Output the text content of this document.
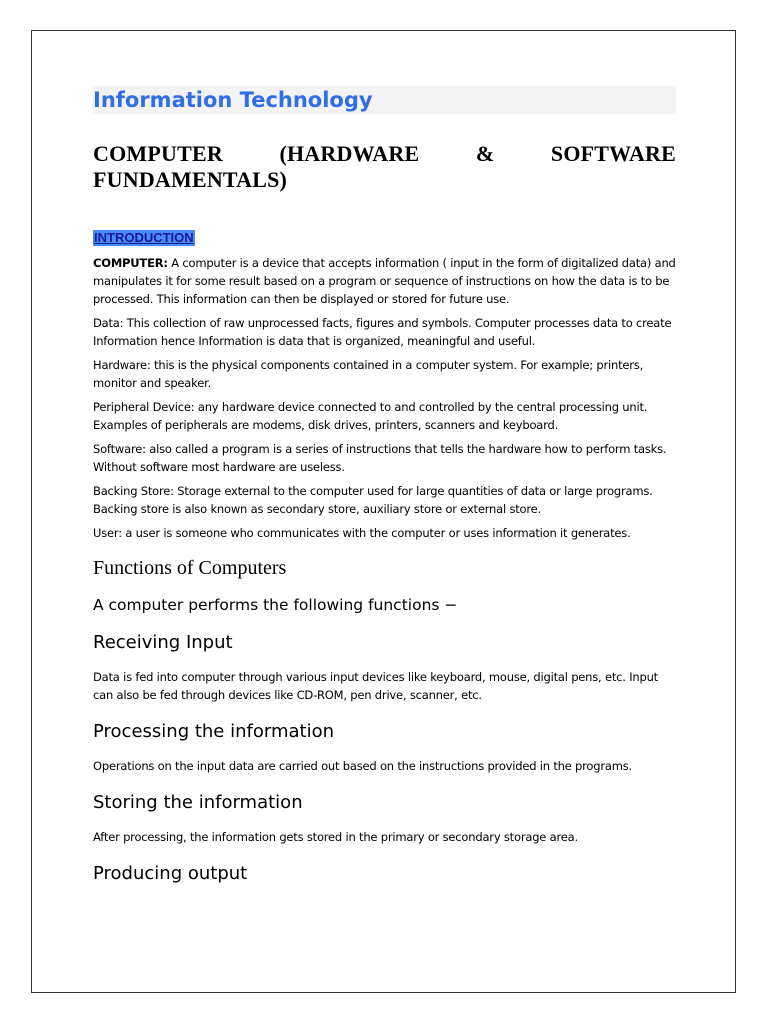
Information Technology
COMPUTER (HARDWARE & SOFTWARE FUNDAMENTALS)
INTRODUCTION

COMPUTER: A computer is a device that accepts information ( input in the form of digitalized data) and manipulates it for some result based on a program or sequence of instructions on how the data is to be processed. This information can then be displayed or stored for future use.

Data: This collection of raw unprocessed facts, figures and symbols. Computer processes data to create Information hence Information is data that is organized, meaningful and useful.

Hardware: this is the physical components contained in a computer system. For example; printers, monitor and speaker.

Peripheral Device: any hardware device connected to and controlled by the central processing unit. Examples of peripherals are modems, disk drives, printers, scanners and keyboard.

Software: also called a program is a series of instructions that tells the hardware how to perform tasks. Without software most hardware are useless.

Backing Store: Storage external to the computer used for large quantities of data or large programs. Backing store is also known as secondary store, auxiliary store or external store.

User: a user is someone who communicates with the computer or uses information it generates.

Functions of Computers

A computer performs the following functions −

Receiving Input

Data is fed into computer through various input devices like keyboard, mouse, digital pens, etc. Input can also be fed through devices like CD-ROM, pen drive, scanner, etc.

Processing the information

Operations on the input data are carried out based on the instructions provided in the programs.

Storing the information

After processing, the information gets stored in the primary or secondary storage area.

Producing output
